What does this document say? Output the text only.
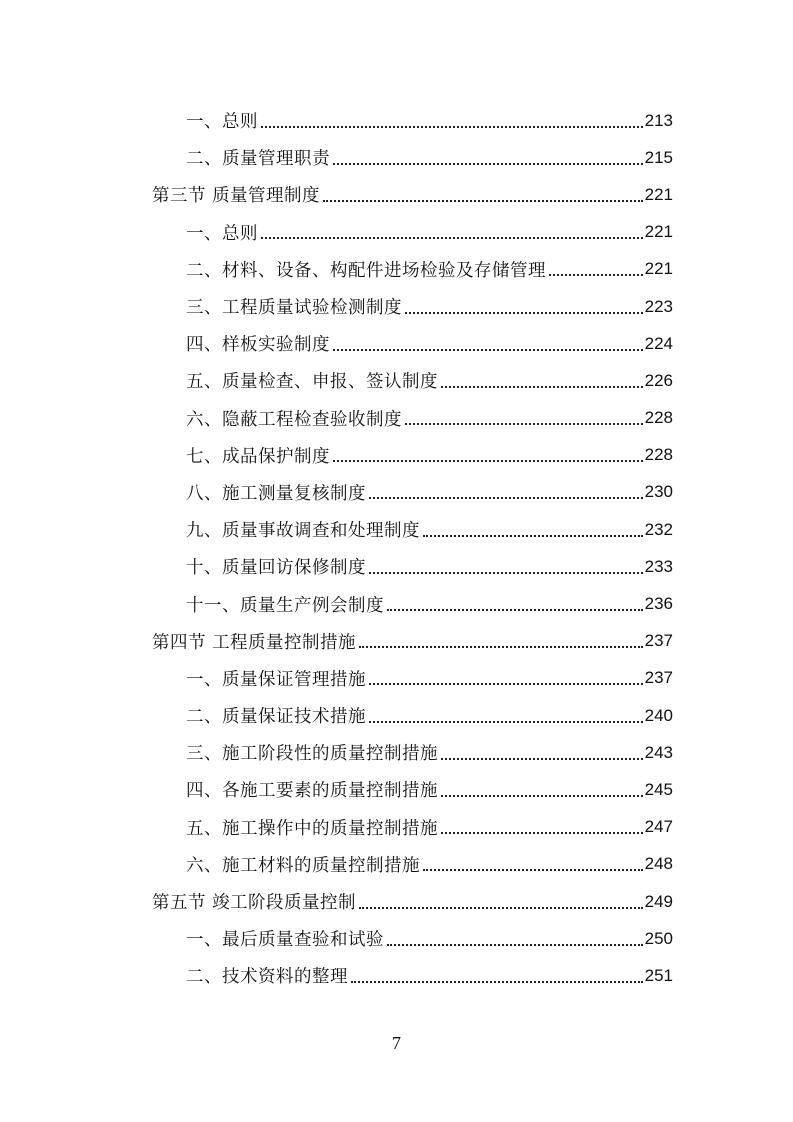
一、总则	213
二、质量管理职责	215
第三节 质量管理制度	221
一、总则	221
二、材料、设备、构配件进场检验及存储管理	221
三、工程质量试验检测制度	223
四、样板实验制度	224
五、质量检查、申报、签认制度	226
六、隐蔽工程检查验收制度	228
七、成品保护制度	228
八、施工测量复核制度	230
九、质量事故调查和处理制度	232
十、质量回访保修制度	233
十一、质量生产例会制度	236
第四节 工程质量控制措施	237
一、质量保证管理措施	237
二、质量保证技术措施	240
三、施工阶段性的质量控制措施	243
四、各施工要素的质量控制措施	245
五、施工操作中的质量控制措施	247
六、施工材料的质量控制措施	248
第五节 竣工阶段质量控制	249
一、最后质量查验和试验	250
二、技术资料的整理	251
7
